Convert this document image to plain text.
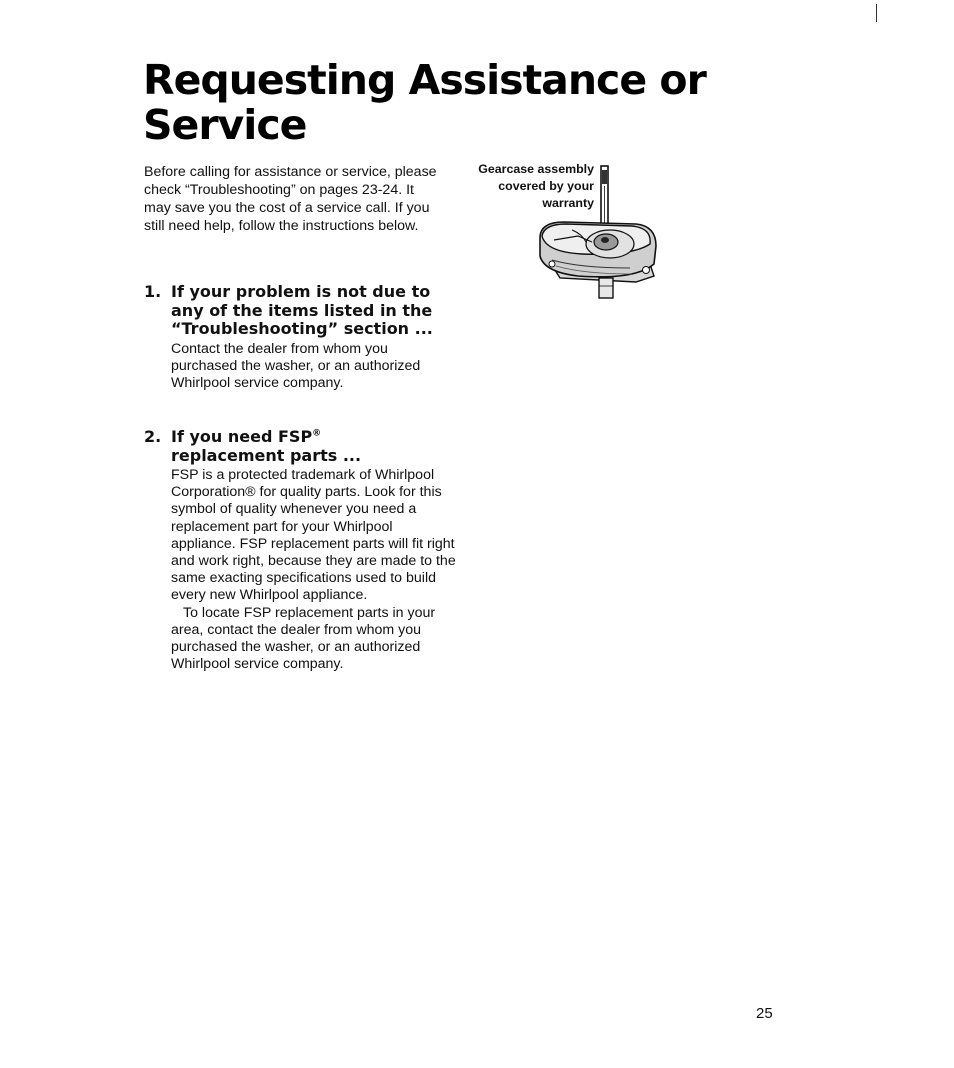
Requesting Assistance or Service

Before calling for assistance or service, please check “Troubleshooting” on pages 23-24. It may save you the cost of a service call. If you still need help, follow the instructions below.

1. If your problem is not due to any of the items listed in the “Troubleshooting” section ...

Contact the dealer from whom you purchased the washer, or an authorized Whirlpool service company.

2. If you need FSP®
replacement parts ...

FSP is a protected trademark of Whirlpool Corporation® for quality parts. Look for this symbol of quality whenever you need a replacement part for your Whirlpool appliance. FSP replacement parts will fit right and work right, because they are made to the same exacting specifications used to build every new Whirlpool appliance.

To locate FSP replacement parts in your area, contact the dealer from whom you purchased the washer, or an authorized Whirlpool service company.

Gearcase assembly covered by your warranty

25
